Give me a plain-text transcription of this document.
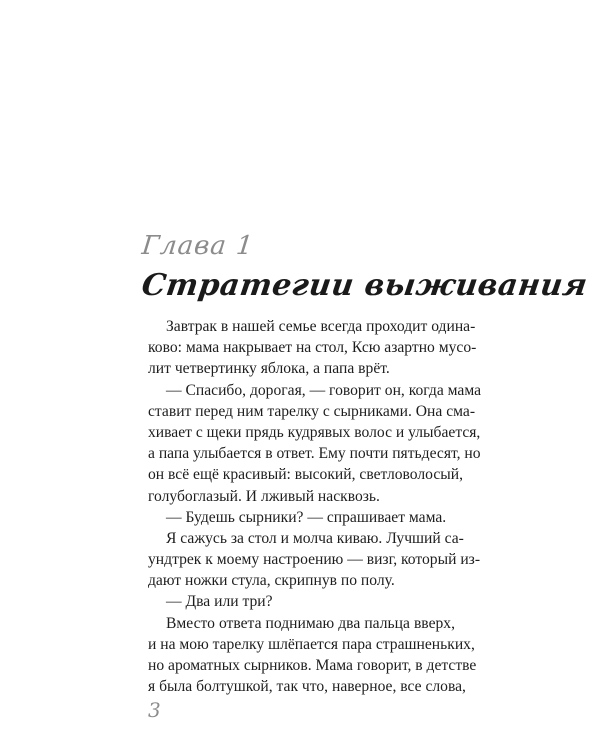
Глава 1
Стратегии выживания
Завтрак в нашей семье всегда проходит одина-
ково: мама накрывает на стол, Ксю азартно мусо-
лит четвертинку яблока, а папа врёт.
— Спасибо, дорогая, — говорит он, когда мама
ставит перед ним тарелку с сырниками. Она сма-
хивает с щеки прядь кудрявых волос и улыбается,
а папа улыбается в ответ. Ему почти пятьдесят, но
он всё ещё красивый: высокий, светловолосый,
голубоглазый. И лживый насквозь.
— Будешь сырники? — спрашивает мама.
Я сажусь за стол и молча киваю. Лучший са-
ундтрек к моему настроению — визг, который из-
дают ножки стула, скрипнув по полу.
— Два или три?
Вместо ответа поднимаю два пальца вверх,
и на мою тарелку шлёпается пара страшненьких,
но ароматных сырников. Мама говорит, в детстве
я была болтушкой, так что, наверное, все слова,
3
